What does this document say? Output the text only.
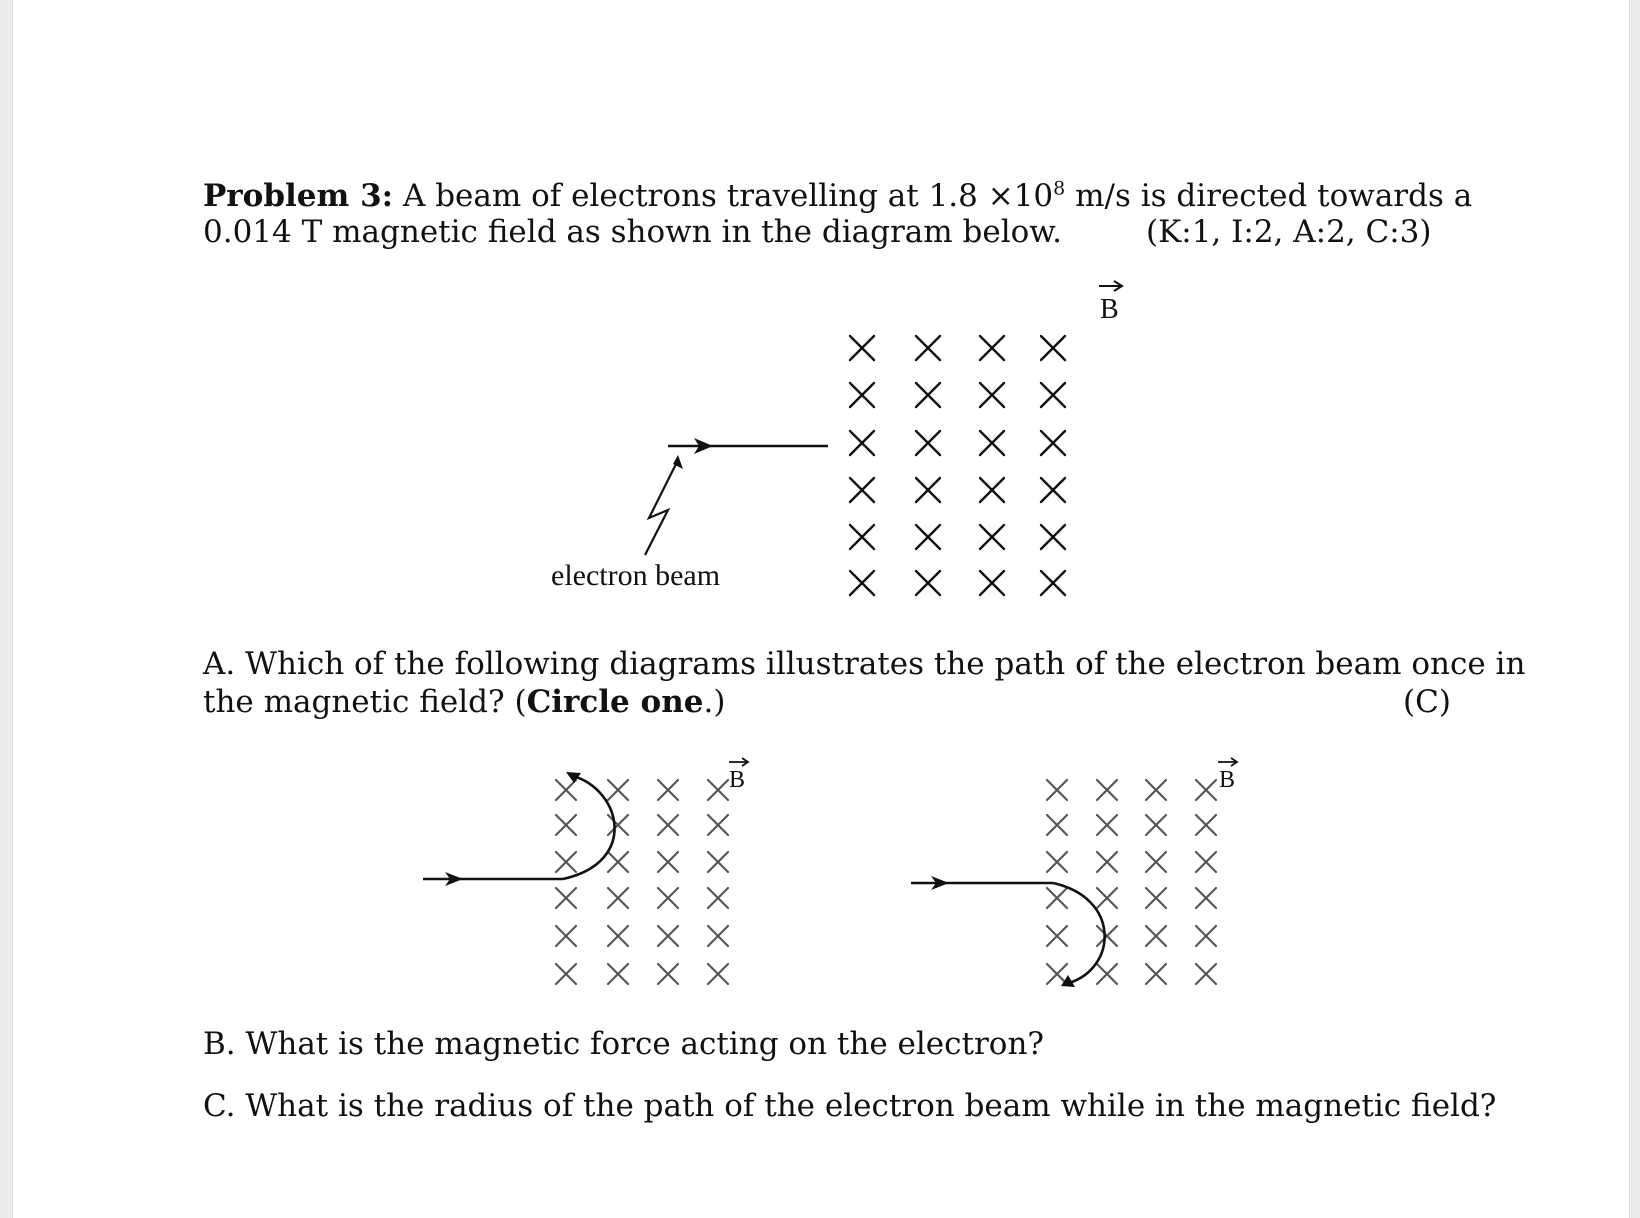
Problem 3: A beam of electrons travelling at $1.8 \times 10^8$ m/s is directed towards a
0.014 T magnetic field as shown in the diagram below.	(K:1, I:2, A:2, C:3)
B
electron beam
B	B
A. Which of the following diagrams illustrates the path of the electron beam once in
the magnetic field? (Circle one.)	(C)
B. What is the magnetic force acting on the electron?
C. What is the radius of the path of the electron beam while in the magnetic field?
